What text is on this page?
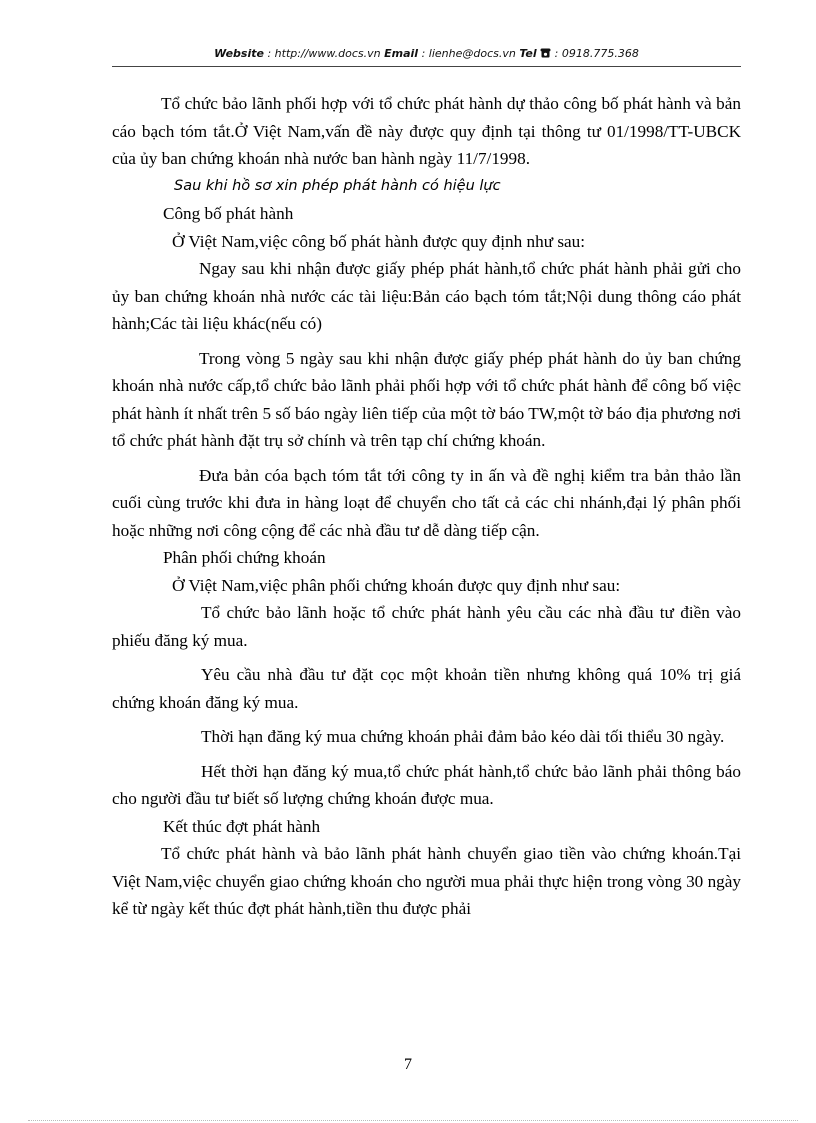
Website : http://www.docs.vn Email : lienhe@docs.vn Tel : 0918.775.368

Tổ chức bảo lãnh phối hợp với tổ chức phát hành dự thảo công bố phát hành và bản cáo bạch tóm tắt.Ở Việt Nam,vấn đề này được quy định tại thông tư 01/1998/TT-UBCK của ủy ban chứng khoán nhà nước ban hành ngày 11/7/1998.

Sau khi hồ sơ xin phép phát hành có hiệu lực

Công bố phát hành

Ở Việt Nam,việc công bố phát hành được quy định như sau:

Ngay sau khi nhận được giấy phép phát hành,tổ chức phát hành phải gửi cho ủy ban chứng khoán nhà nước các tài liệu:Bản cáo bạch tóm tắt;Nội dung thông cáo phát hành;Các tài liệu khác(nếu có)

Trong vòng 5 ngày sau khi nhận được giấy phép phát hành do ủy ban chứng khoán nhà nước cấp,tổ chức bảo lãnh phải phối hợp với tổ chức phát hành để công bố việc phát hành ít nhất trên 5 số báo ngày liên tiếp của một tờ báo TW,một tờ báo địa phương nơi tổ chức phát hành đặt trụ sở chính và trên tạp chí chứng khoán.

Đưa bản cóa bạch tóm tắt tới công ty in ấn và đề nghị kiểm tra bản thảo lần cuối cùng trước khi đưa in hàng loạt để chuyển cho tất cả các chi nhánh,đại lý phân phối hoặc những nơi công cộng để các nhà đầu tư dễ dàng tiếp cận.

Phân phối chứng khoán

Ở Việt Nam,việc phân phối chứng khoán được quy định như sau:

Tổ chức bảo lãnh hoặc tổ chức phát hành yêu cầu các nhà đầu tư điền vào phiếu đăng ký mua.

Yêu cầu nhà đầu tư đặt cọc một khoản tiền nhưng không quá 10% trị giá chứng khoán đăng ký mua.

Thời hạn đăng ký mua chứng khoán phải đảm bảo kéo dài tối thiểu 30 ngày.

Hết thời hạn đăng ký mua,tổ chức phát hành,tổ chức bảo lãnh phải thông báo cho người đầu tư biết số lượng chứng khoán được mua.

Kết thúc đợt phát hành

Tổ chức phát hành và bảo lãnh phát hành chuyển giao tiền vào chứng khoán.Tại Việt Nam,việc chuyển giao chứng khoán cho người mua phải thực hiện trong vòng 30 ngày kể từ ngày kết thúc đợt phát hành,tiền thu được phải

7
